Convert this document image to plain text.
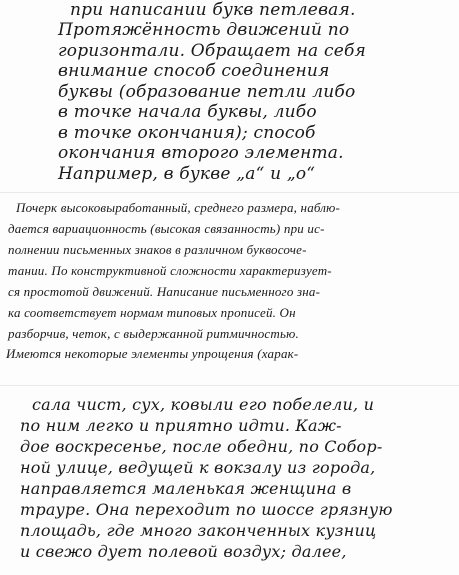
при написании букв петлевая.
Протяжённость движений по
горизонтали. Обращает на себя
внимание способ соединения
буквы (образование петли либо
в точке начала буквы, либо
в точке окончания); способ
окончания второго элемента.
Например, в букве „а“ и „о“
Почерк высоковыработанный, среднего размера, наблю-
дается вариационность (высокая связанность) при ис-
полнении письменных знаков в различном буквосоче-
тании. По конструктивной сложности характеризует-
ся простотой движений. Написание письменного зна-
ка соответствует нормам типовых прописей. Он
разборчив, четок, с выдержанной ритмичностью.
Имеются некоторые элементы упрощения (харак-
сала чист, сух, ковыли его побелели, и
по ним легко и приятно идти. Каж-
дое воскресенье, после обедни, по Собор-
ной улице, ведущей к вокзалу из города,
направляется маленькая женщина в
трауре. Она переходит по шоссе грязную
площадь, где много законченных кузниц
и свежо дует полевой воздух; далее,
